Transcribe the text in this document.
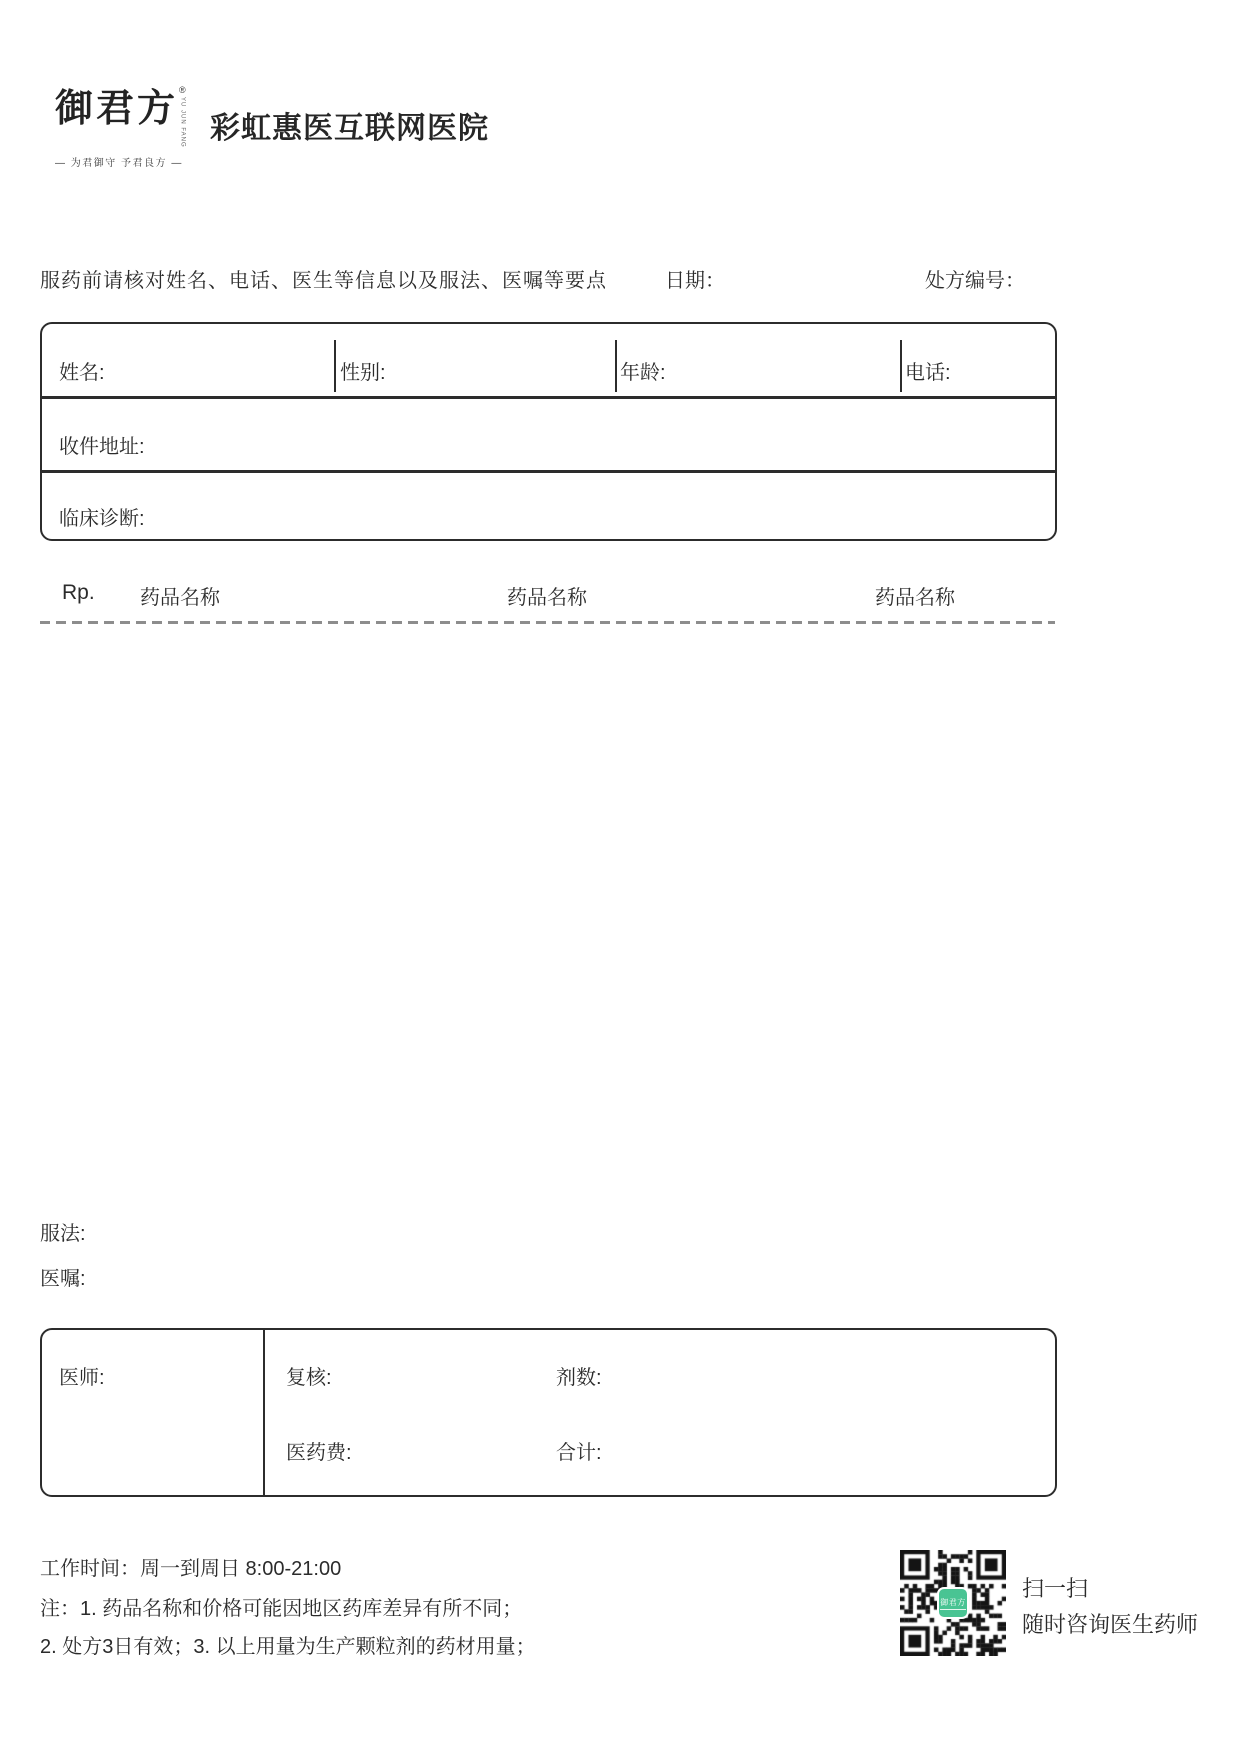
御君方 ®
YU JUN FANG
— 为君御守 予君良方 —
彩虹惠医互联网医院
服药前请核对姓名、电话、医生等信息以及服法、医嘱等要点	日期：	处方编号：
姓名:	性别:	年龄:	电话:
收件地址:
临床诊断:
Rp. 药品名称	药品名称	药品名称
服法:
医嘱:
医师:	复核:	剂数:
医药费:	合计:
工作时间：周一到周日 8:00-21:00
注：1. 药品名称和价格可能因地区药库差异有所不同；
2. 处方3日有效；3. 以上用量为生产颗粒剂的药材用量；
御君方
扫一扫
随时咨询医生药师
